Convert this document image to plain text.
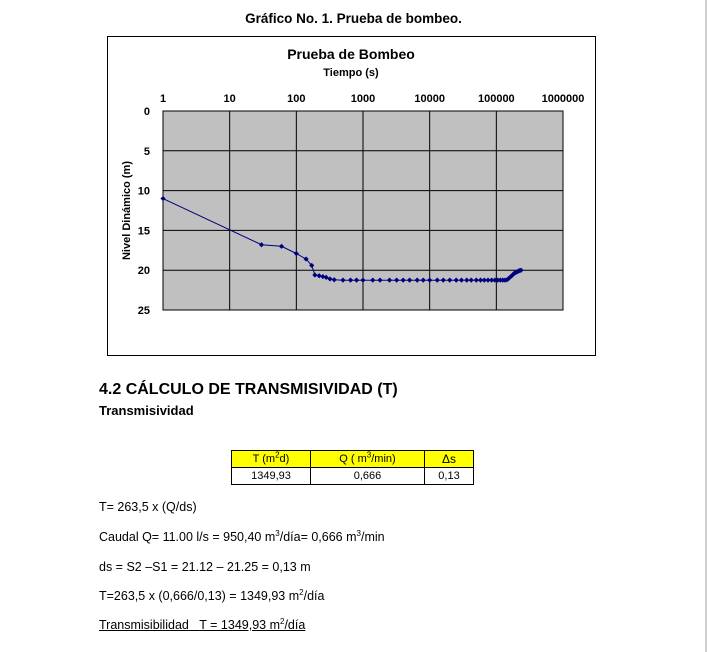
Gráfico No. 1. Prueba de bombeo.
1	10	100	1000	10000	100000 1000000
0
5
10
15
20
25
Prueba de Bombeo
Tiempo (s)
Nivel Dinámico (m)
4.2 CÁLCULO DE TRANSMISIVIDAD (T)
Transmisividad
T $(m^2d)$	Q ( $m^3/\min$)	Δs
1349,93	0,666	0,13
T= 263,5 x (Q/ds)
Caudal Q= 11.00 l/s = 950,40 $m^3/día= 0,666$ $m^3/\min$
ds = S2 –S1 = 21.12 – 21.25 = 0,13 m
T=263,5 x (0,666/0,13) = 1349,93 $m^2$/día
Transmisibilidad T = 1349,93 $m^2$/día
